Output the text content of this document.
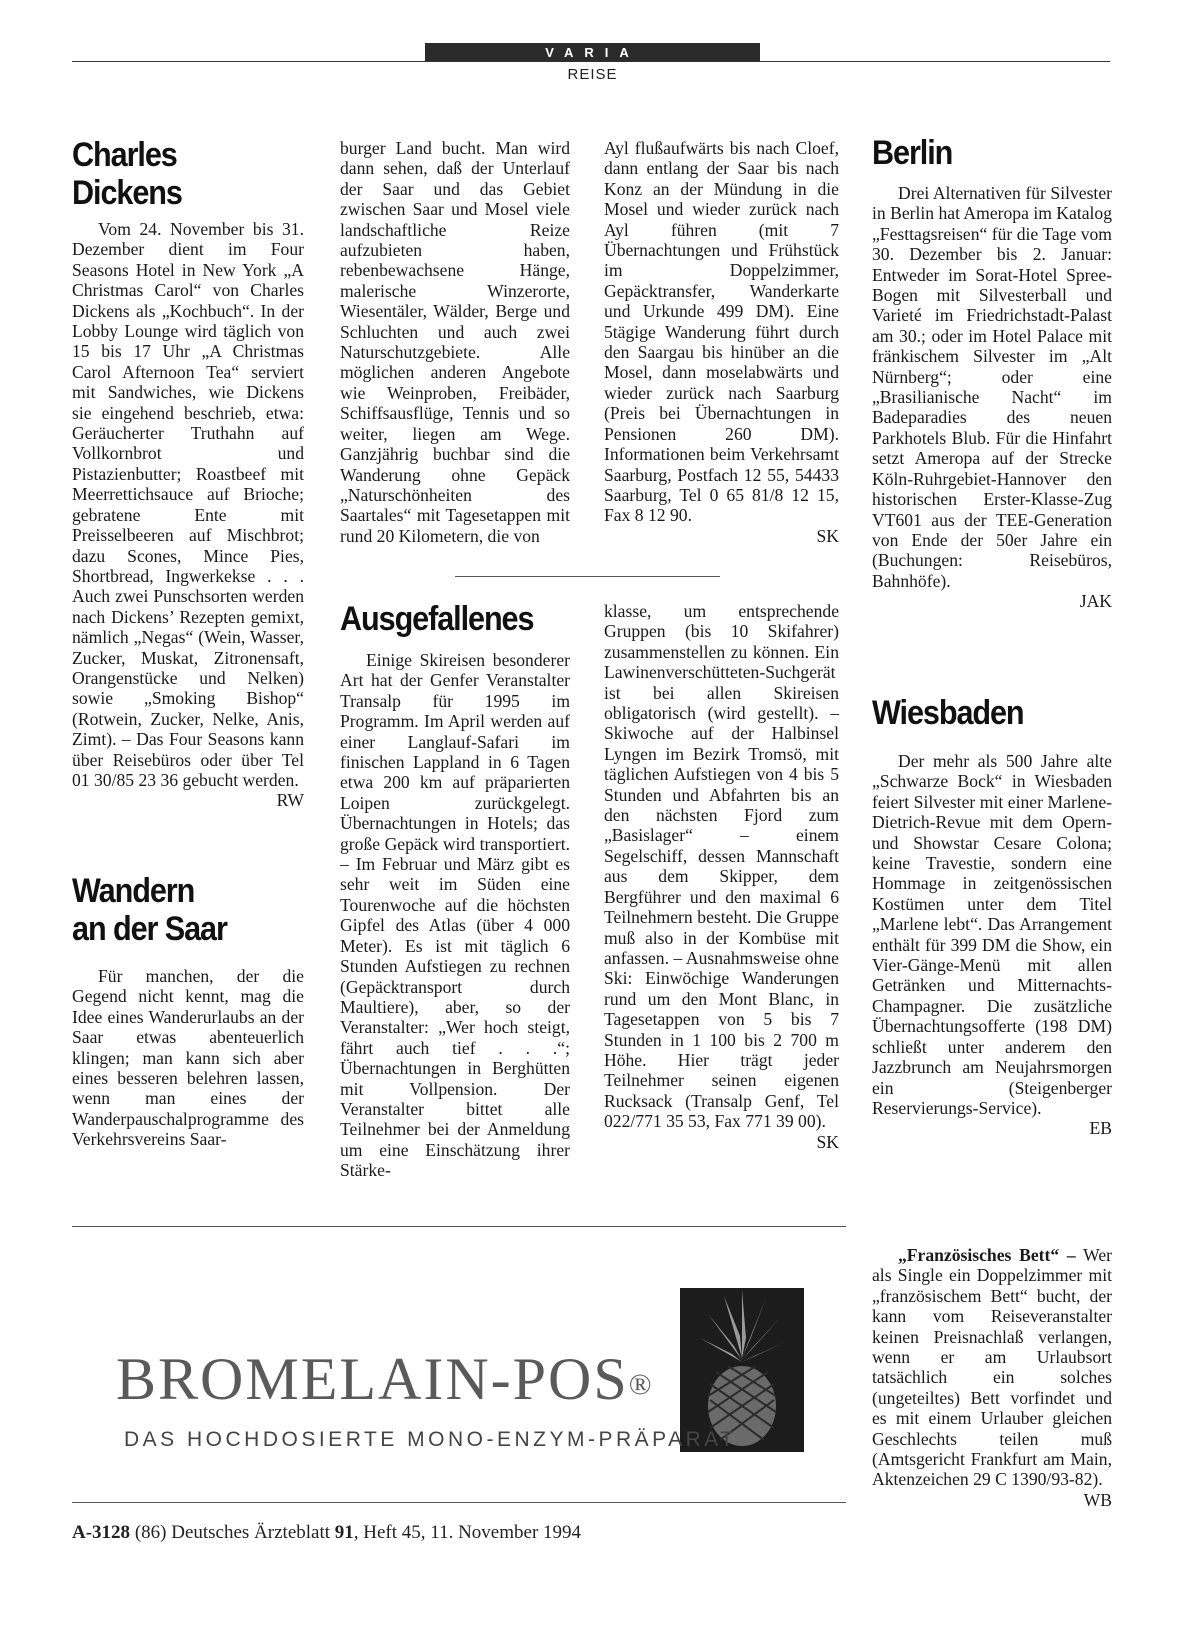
VARIA
REISE
Charles
Dickens

Vom 24. November bis 31. Dezember dient im Four Seasons Hotel in New York „A Christmas Carol“ von Charles Dickens als „Kochbuch“. In der Lobby Lounge wird täglich von 15 bis 17 Uhr „A Christmas Carol Afternoon Tea“ serviert mit Sandwiches, wie Dickens sie eingehend beschrieb, etwa: Geräucherter Truthahn auf Vollkornbrot und Pistazienbutter; Roastbeef mit Meerrettichsauce auf Brioche; gebratene Ente mit Preisselbeeren auf Mischbrot; dazu Scones, Mince Pies, Shortbread, Ingwerkekse . . . Auch zwei Punschsorten werden nach Dickens’ Rezepten gemixt, nämlich „Negas“ (Wein, Wasser, Zucker, Muskat, Zitronensaft, Orangenstücke und Nelken) sowie „Smoking Bishop“ (Rotwein, Zucker, Nelke, Anis, Zimt). – Das Four Seasons kann über Reisebüros oder über Tel 01 30/85 23 36 gebucht werden.

RW
Wandern
an der Saar

Für manchen, der die Gegend nicht kennt, mag die Idee eines Wanderurlaubs an der Saar etwas abenteuerlich klingen; man kann sich aber eines besseren belehren lassen, wenn man eines der Wanderpauschalprogramme des Verkehrsvereins Saar-

burger Land bucht. Man wird dann sehen, daß der Unterlauf der Saar und das Gebiet zwischen Saar und Mosel viele landschaftliche Reize aufzubieten haben, rebenbewachsene Hänge, malerische Winzerorte, Wiesentäler, Wälder, Berge und Schluchten und auch zwei Naturschutzgebiete. Alle möglichen anderen Angebote wie Weinproben, Freibäder, Schiffsausflüge, Tennis und so weiter, liegen am Wege. Ganzjährig buchbar sind die Wanderung ohne Gepäck „Naturschönheiten des Saartales“ mit Tagesetappen mit rund 20 Kilometern, die von

Ayl flußaufwärts bis nach Cloef, dann entlang der Saar bis nach Konz an der Mündung in die Mosel und wieder zurück nach Ayl führen (mit 7 Übernachtungen und Frühstück im Doppelzimmer, Gepäcktransfer, Wanderkarte und Urkunde 499 DM). Eine 5tägige Wanderung führt durch den Saargau bis hinüber an die Mosel, dann moselabwärts und wieder zurück nach Saarburg (Preis bei Übernachtungen in Pensionen 260 DM). Informationen beim Verkehrsamt Saarburg, Postfach 12 55, 54433 Saarburg, Tel 0 65 81/8 12 15, Fax 8 12 90.

SK
Ausgefallenes

Einige Skireisen besonderer Art hat der Genfer Veranstalter Transalp für 1995 im Programm. Im April werden auf einer Langlauf-Safari im finischen Lappland in 6 Tagen etwa 200 km auf präparierten Loipen zurückgelegt. Übernachtungen in Hotels; das große Gepäck wird transportiert. – Im Februar und März gibt es sehr weit im Süden eine Tourenwoche auf die höchsten Gipfel des Atlas (über 4 000 Meter). Es ist mit täglich 6 Stunden Aufstiegen zu rechnen (Gepäcktransport durch Maultiere), aber, so der Veranstalter: „Wer hoch steigt, fährt auch tief . . .“; Übernachtungen in Berghütten mit Vollpension. Der Veranstalter bittet alle Teilnehmer bei der Anmeldung um eine Einschätzung ihrer Stärke-

klasse, um entsprechende Gruppen (bis 10 Skifahrer) zusammenstellen zu können. Ein Lawinenverschütteten-Suchgerät ist bei allen Skireisen obligatorisch (wird gestellt). – Skiwoche auf der Halbinsel Lyngen im Bezirk Tromsö, mit täglichen Aufstiegen von 4 bis 5 Stunden und Abfahrten bis an den nächsten Fjord zum „Basislager“ – einem Segelschiff, dessen Mannschaft aus dem Skipper, dem Bergführer und den maximal 6 Teilnehmern besteht. Die Gruppe muß also in der Kombüse mit anfassen. – Ausnahmsweise ohne Ski: Einwöchige Wanderungen rund um den Mont Blanc, in Tagesetappen von 5 bis 7 Stunden in 1 100 bis 2 700 m Höhe. Hier trägt jeder Teilnehmer seinen eigenen Rucksack (Transalp Genf, Tel 022/771 35 53, Fax 771 39 00).

SK
Berlin

Drei Alternativen für Silvester in Berlin hat Ameropa im Katalog „Festtagsreisen“ für die Tage vom 30. Dezember bis 2. Januar: Entweder im Sorat-Hotel Spree-Bogen mit Silvesterball und Varieté im Friedrichstadt-Palast am 30.; oder im Hotel Palace mit fränkischem Silvester im „Alt Nürnberg“; oder eine „Brasilianische Nacht“ im Badeparadies des neuen Parkhotels Blub. Für die Hinfahrt setzt Ameropa auf der Strecke Köln-Ruhrgebiet-Hannover den historischen Erster-Klasse-Zug VT601 aus der TEE-Generation von Ende der 50er Jahre ein (Buchungen: Reisebüros, Bahnhöfe).

JAK
Wiesbaden

Der mehr als 500 Jahre alte „Schwarze Bock“ in Wiesbaden feiert Silvester mit einer Marlene-Dietrich-Revue mit dem Opern- und Showstar Cesare Colona; keine Travestie, sondern eine Hommage in zeitgenössischen Kostümen unter dem Titel „Marlene lebt“. Das Arrangement enthält für 399 DM die Show, ein Vier-Gänge-Menü mit allen Getränken und Mitternachts-Champagner. Die zusätzliche Übernachtungsofferte (198 DM) schließt unter anderem den Jazzbrunch am Neujahrsmorgen ein (Steigenberger Reservierungs-Service).

EB

„Französisches Bett“ – Wer als Single ein Doppelzimmer mit „französischem Bett“ bucht, der kann vom Reiseveranstalter keinen Preisnachlaß verlangen, wenn er am Urlaubsort tatsächlich ein solches (ungeteiltes) Bett vorfindet und es mit einem Urlauber gleichen Geschlechts teilen muß (Amtsgericht Frankfurt am Main, Aktenzeichen 29 C 1390/93-82).

WB
BROMELAIN-POS®
DAS HOCHDOSIERTE MONO-ENZYM-PRÄPARAT
A-3128 (86) Deutsches Ärzteblatt 91, Heft 45, 11. November 1994
